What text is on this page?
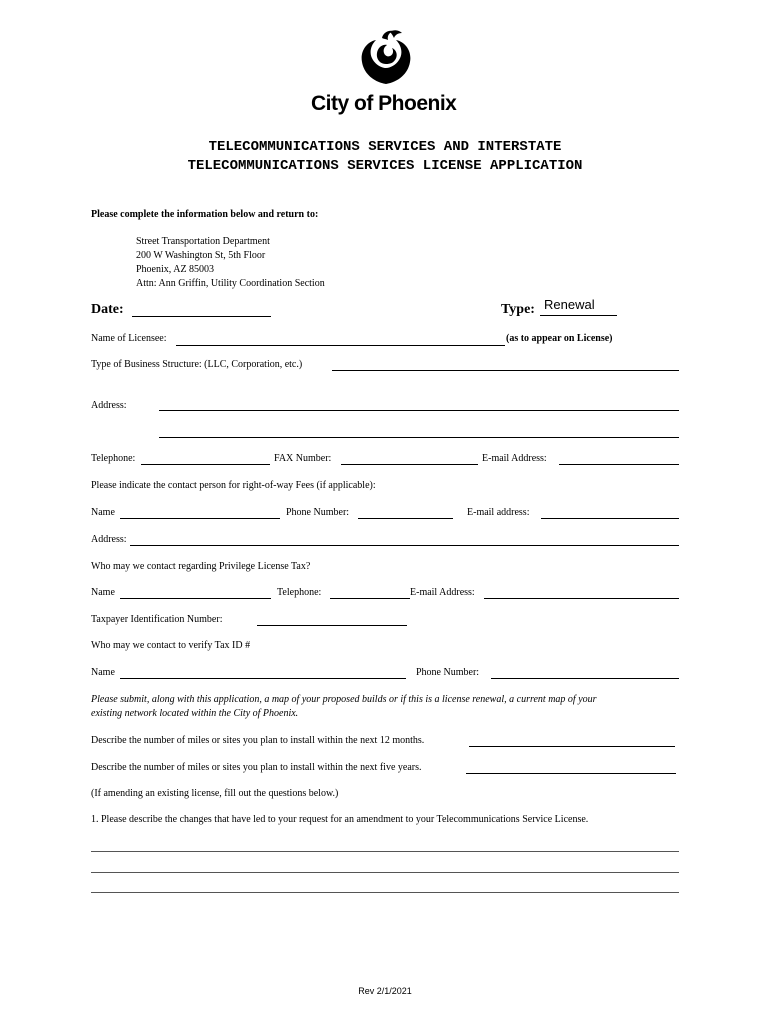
City of Phoenix
TELECOMMUNICATIONS SERVICES AND INTERSTATE
TELECOMMUNICATIONS SERVICES LICENSE APPLICATION
Please complete the information below and return to:
Street Transportation Department
200 W Washington St, 5th Floor
Phoenix, AZ 85003
Attn: Ann Griffin, Utility Coordination Section
Date:	Type: Renewal
Name of Licensee:	(as to appear on License)
Type of Business Structure: (LLC, Corporation, etc.)
Address:
Telephone:	FAX Number:	E-mail Address:
Please indicate the contact person for right-of-way Fees (if applicable):
Name	Phone Number:	E-mail address:
Address:
Who may we contact regarding Privilege License Tax?
Name	Telephone:	E-mail Address:
Taxpayer Identification Number:
Who may we contact to verify Tax ID #
Name	Phone Number:
Please submit, along with this application, a map of your proposed builds or if this is a license renewal, a current map of your
existing network located within the City of Phoenix.
Describe the number of miles or sites you plan to install within the next 12 months.
Describe the number of miles or sites you plan to install within the next five years.
(If amending an existing license, fill out the questions below.)
1. Please describe the changes that have led to your request for an amendment to your Telecommunications Service License.
Rev 2/1/2021
